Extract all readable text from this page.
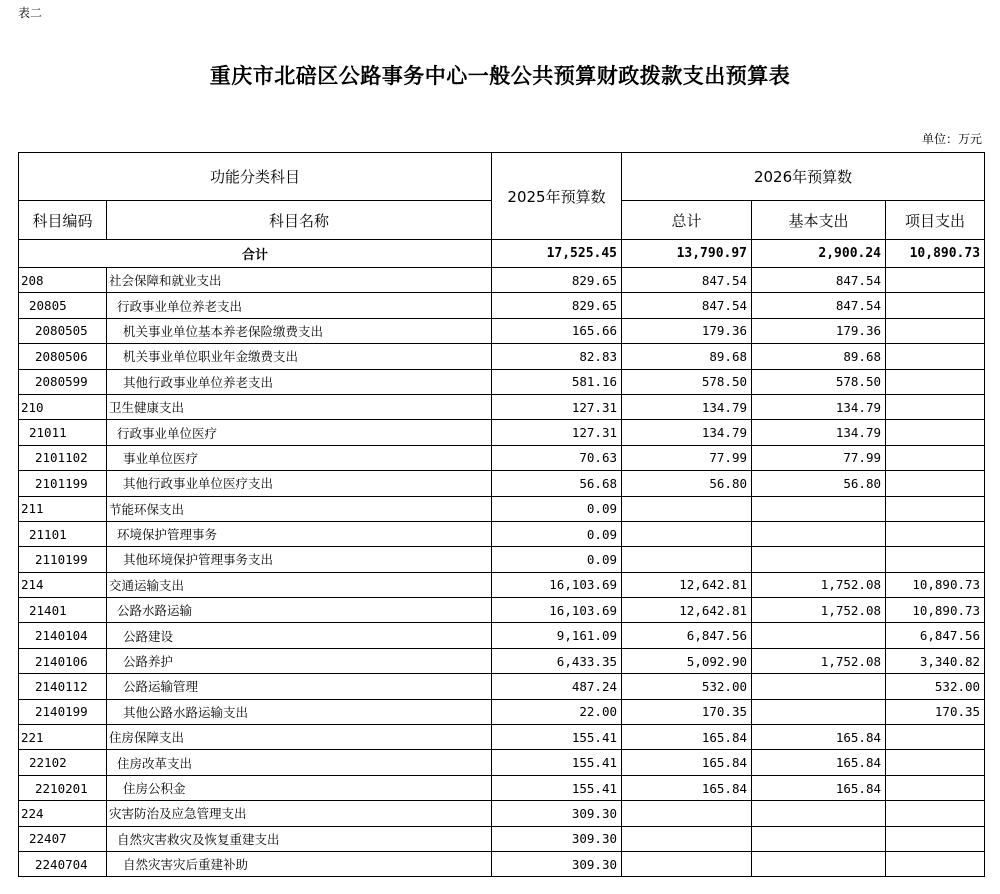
表二
重庆市北碚区公路事务中心一般公共预算财政拨款支出预算表
单位：万元
功能分类科目		2025年预算数	2026年预算数		
科目编码	科目名称		总计	基本支出	项目支出
合计		17,525.45	13,790.97	2,900.24	10,890.73
208	社会保障和就业支出	829.65	847.54	847.54	
20805	行政事业单位养老支出	829.65	847.54	847.54	
2080505	机关事业单位基本养老保险缴费支出	165.66	179.36	179.36	
2080506	机关事业单位职业年金缴费支出	82.83	89.68	89.68	
2080599	其他行政事业单位养老支出	581.16	578.50	578.50	
210	卫生健康支出	127.31	134.79	134.79	
21011	行政事业单位医疗	127.31	134.79	134.79	
2101102	事业单位医疗	70.63	77.99	77.99	
2101199	其他行政事业单位医疗支出	56.68	56.80	56.80	
211	节能环保支出	0.09			
21101	环境保护管理事务	0.09			
2110199	其他环境保护管理事务支出	0.09			
214	交通运输支出	16,103.69	12,642.81	1,752.08	10,890.73
21401	公路水路运输	16,103.69	12,642.81	1,752.08	10,890.73
2140104	公路建设	9,161.09	6,847.56		6,847.56
2140106	公路养护	6,433.35	5,092.90	1,752.08	3,340.82
2140112	公路运输管理	487.24	532.00		532.00
2140199	其他公路水路运输支出	22.00	170.35		170.35
221	住房保障支出	155.41	165.84	165.84	
22102	住房改革支出	155.41	165.84	165.84	
2210201	住房公积金	155.41	165.84	165.84	
224	灾害防治及应急管理支出	309.30			
22407	自然灾害救灾及恢复重建支出	309.30			
2240704	自然灾害灾后重建补助	309.30			
